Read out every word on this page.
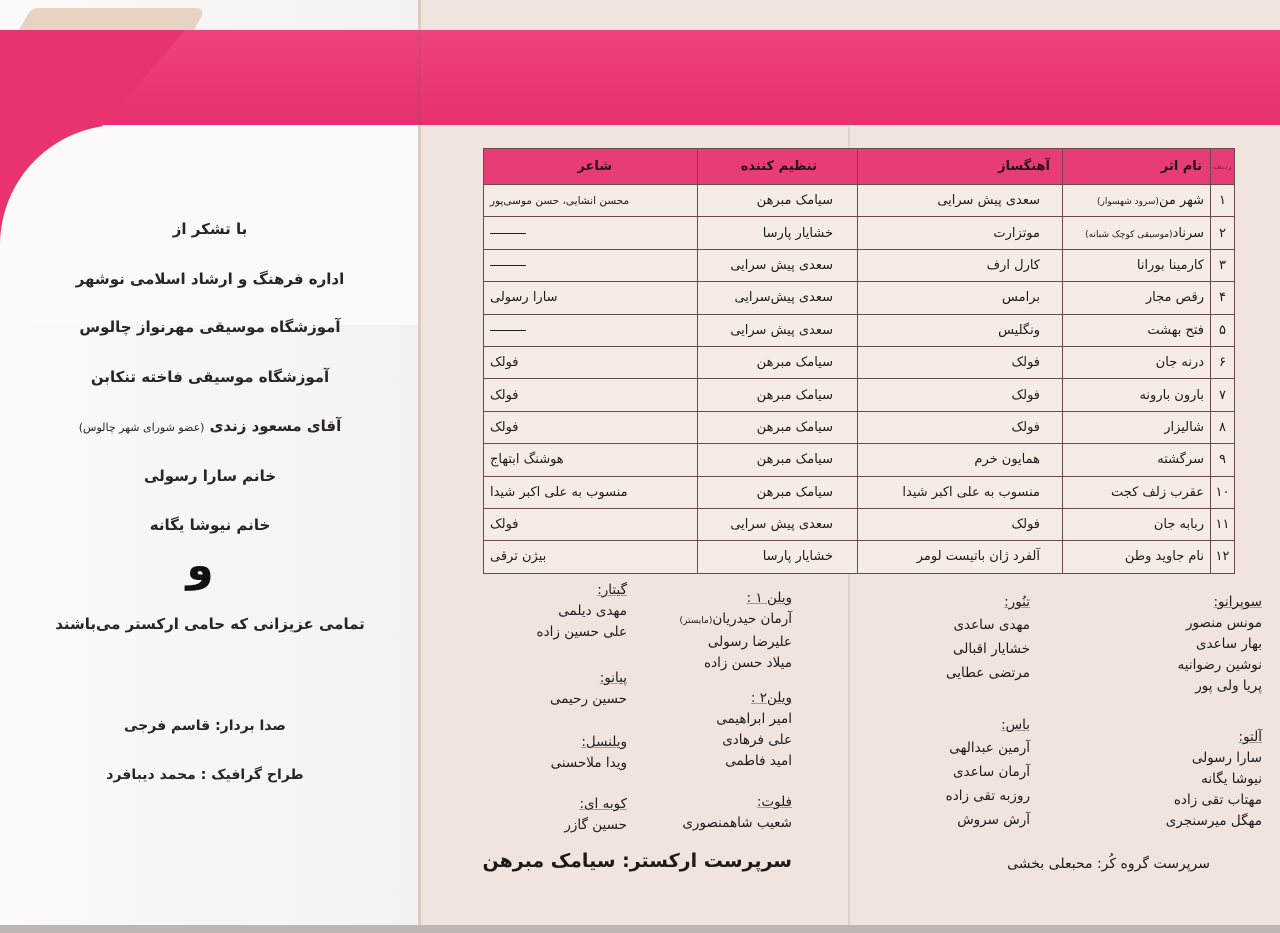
با تشکر از
اداره فرهنگ و ارشاد اسلامی نوشهر
آموزشگاه موسیقی مهرنواز چالوس
آموزشگاه موسیقی فاخته تنکابن
آقای مسعود زندی (عضو شورای شهر چالوس)
خانم سارا رسولی
خانم نیوشا یگانه
و
تمامی عزیزانی که حامی ارکستر می‌باشند
صدا بردار: قاسم فرجی
طراح گرافیک : محمد دیبافرد
ردیف	نام اثر	آهنگساز	تنظیم کننده	شاعر
۱	شهر من(سرود شهسوار)	سعدی پیش سرایی	سیامک مبرهن	محسن انشایی، حسن موسی‌پور
۲	سرناد(موسیقی کوچک شبانه)	موتزارت	خشایار پارسا	
۳	کارمینا بورانا	کارل ارف	سعدی پیش سرایی	
۴	رقص مجار	برامس	سعدی پیش‌سرایی	سارا رسولی
۵	فتح بهشت	ونگلیس	سعدی پیش سرایی	
۶	درنه جان	فولک	سیامک مبرهن	فولک
۷	بارون بارونه	فولک	سیامک مبرهن	فولک
۸	شالیزار	فولک	سیامک مبرهن	فولک
۹	سرگشته	همایون خرم	سیامک مبرهن	هوشنگ ابتهاج
۱۰	عقرب زلف کجت	منسوب به علی اکبر شیدا	سیامک مبرهن	منسوب به علی اکبر شیدا
۱۱	ربابه جان	فولک	سعدی پیش سرایی	فولک
۱۲	نام جاوید وطن	آلفرد ژان باتیست لومر	خشایار پارسا	بیژن ترقی
سوپرانو:
مونس منصور
بهار ساعدی
نوشین رضوانیه
پریا ولی پور
آلتو:
سارا رسولی
نیوشا یگانه
مهتاب تقی زاده
مهگل میرسنجری
تنُور:
مهدی ساعدی
خشایار اقبالی
مرتضی عطایی
باس:
آرمین عبدالهی
آرمان ساعدی
روزبه تقی زاده
آرش سروش
ویلن ۱ :
آرمان حیدریان(مایستر)
علیرضا رسولی
میلاد حسن زاده
ویلن۲ :
امیر ابراهیمی
علی فرهادی
امید فاطمی
فلوت:
شعیب شاهمنصوری
گیتار:
مهدی دیلمی
علی حسین زاده
پیانو:
حسین رحیمی
ویلنسل:
ویدا ملاحسنی
کوبه ای:
حسین گازر
سرپرست گروه کُر: محبعلی بخشی
سرپرست ارکستر: سیامک مبرهن
